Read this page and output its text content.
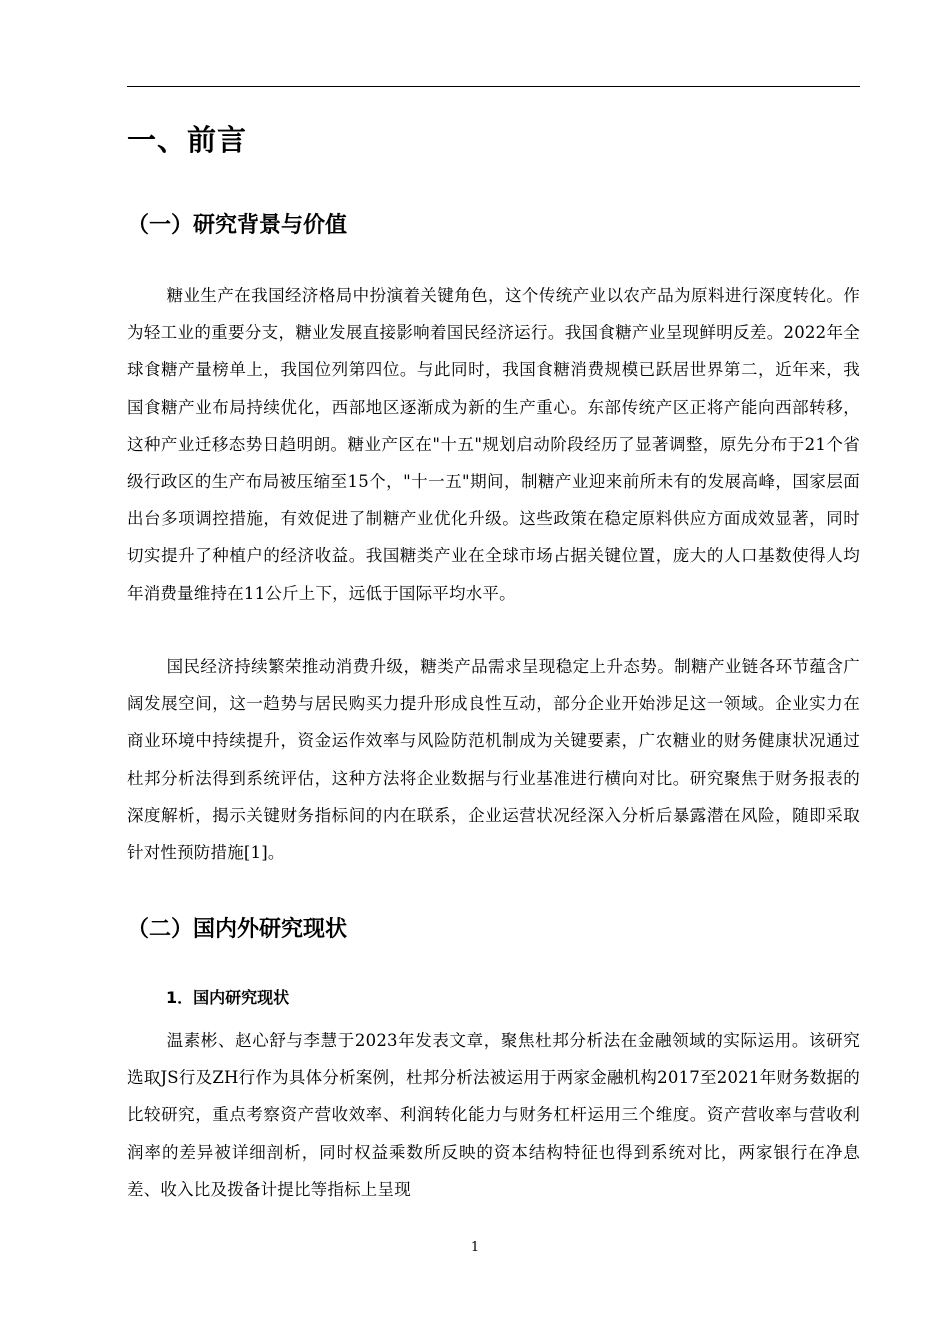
一、前言
（一）研究背景与价值

糖业生产在我国经济格局中扮演着关键角色，这个传统产业以农产品为原料进行深度转化。作为轻工业的重要分支，糖业发展直接影响着国民经济运行。我国食糖产业呈现鲜明反差。2022年全球食糖产量榜单上，我国位列第四位。与此同时，我国食糖消费规模已跃居世界第二，近年来，我国食糖产业布局持续优化，西部地区逐渐成为新的生产重心。东部传统产区正将产能向西部转移，这种产业迁移态势日趋明朗。糖业产区在"十五"规划启动阶段经历了显著调整，原先分布于21个省级行政区的生产布局被压缩至15个，"十一五"期间，制糖产业迎来前所未有的发展高峰，国家层面出台多项调控措施，有效促进了制糖产业优化升级。这些政策在稳定原料供应方面成效显著，同时切实提升了种植户的经济收益。我国糖类产业在全球市场占据关键位置，庞大的人口基数使得人均年消费量维持在11公斤上下，远低于国际平均水平。

国民经济持续繁荣推动消费升级，糖类产品需求呈现稳定上升态势。制糖产业链各环节蕴含广阔发展空间，这一趋势与居民购买力提升形成良性互动，部分企业开始涉足这一领域。企业实力在商业环境中持续提升，资金运作效率与风险防范机制成为关键要素，广农糖业的财务健康状况通过杜邦分析法得到系统评估，这种方法将企业数据与行业基准进行横向对比。研究聚焦于财务报表的深度解析，揭示关键财务指标间的内在联系，企业运营状况经深入分析后暴露潜在风险，随即采取针对性预防措施[1]。

（二）国内外研究现状
1．国内研究现状

温素彬、赵心舒与李慧于2023年发表文章，聚焦杜邦分析法在金融领域的实际运用。该研究选取JS行及ZH行作为具体分析案例，杜邦分析法被运用于两家金融机构2017至2021年财务数据的比较研究，重点考察资产营收效率、利润转化能力与财务杠杆运用三个维度。资产营收率与营收利润率的差异被详细剖析，同时权益乘数所反映的资本结构特征也得到系统对比，两家银行在净息差、收入比及拨备计提比等指标上呈现

1
